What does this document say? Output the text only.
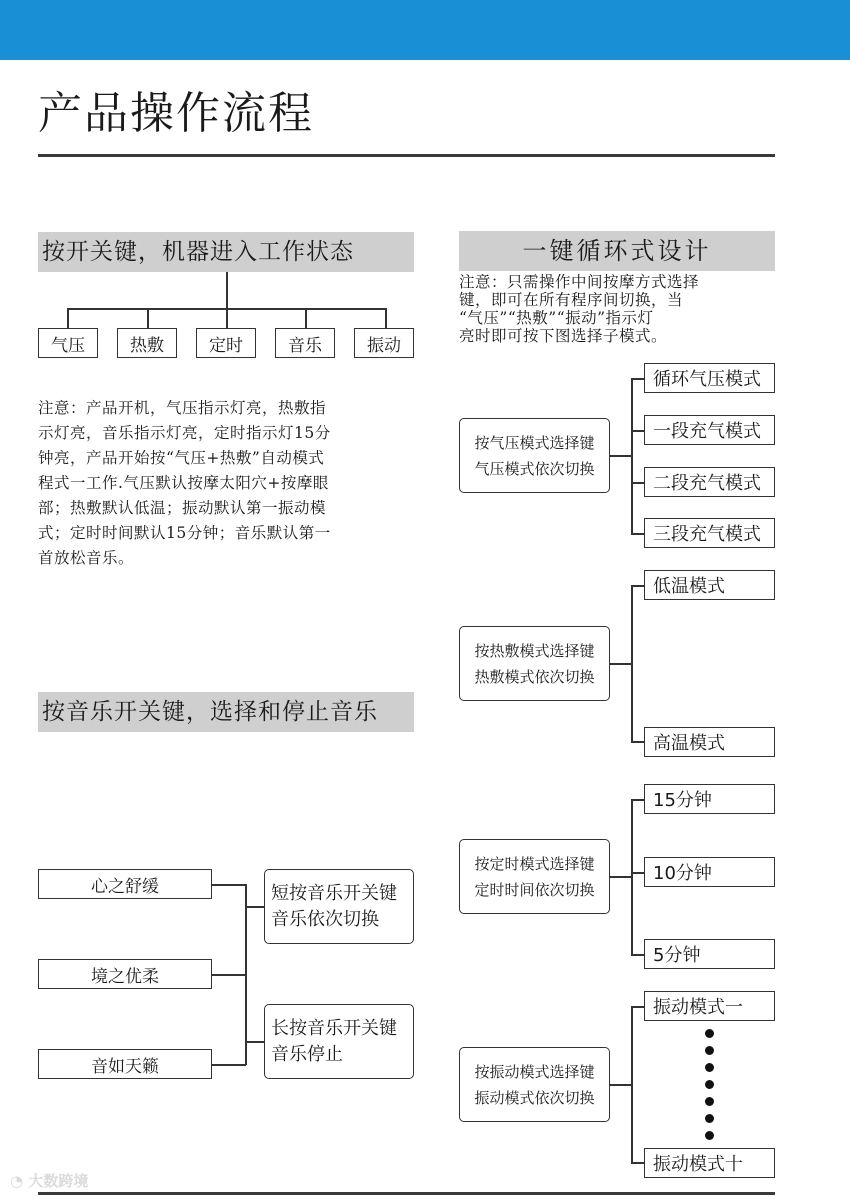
产品操作流程
按开关键，机器进入工作状态
气压	热敷	定时	音乐	振动
注意：产品开机，气压指示灯亮，热敷指
示灯亮，音乐指示灯亮，定时指示灯15分
钟亮，产品开始按“气压+热敷”自动模式
程式一工作.气压默认按摩太阳穴+按摩眼
部；热敷默认低温；振动默认第一振动模
式；定时时间默认15分钟；音乐默认第一
首放松音乐。
按音乐开关键，选择和停止音乐
心之舒缓
境之优柔
音如天籁
短按音乐开关键
音乐依次切换
长按音乐开关键
音乐停止
一键循环式设计
注意：只需操作中间按摩方式选择
键，即可在所有程序间切换，当
“气压”“热敷”“振动”指示灯
亮时即可按下图选择子模式。
按气压模式选择键
气压模式依次切换
循环气压模式
一段充气模式
二段充气模式
三段充气模式
按热敷模式选择键
热敷模式依次切换
低温模式
高温模式
按定时模式选择键
定时时间依次切换
15分钟
10分钟
5分钟
按振动模式选择键
振动模式依次切换
振动模式一
振动模式十
◔ 大数跨境
